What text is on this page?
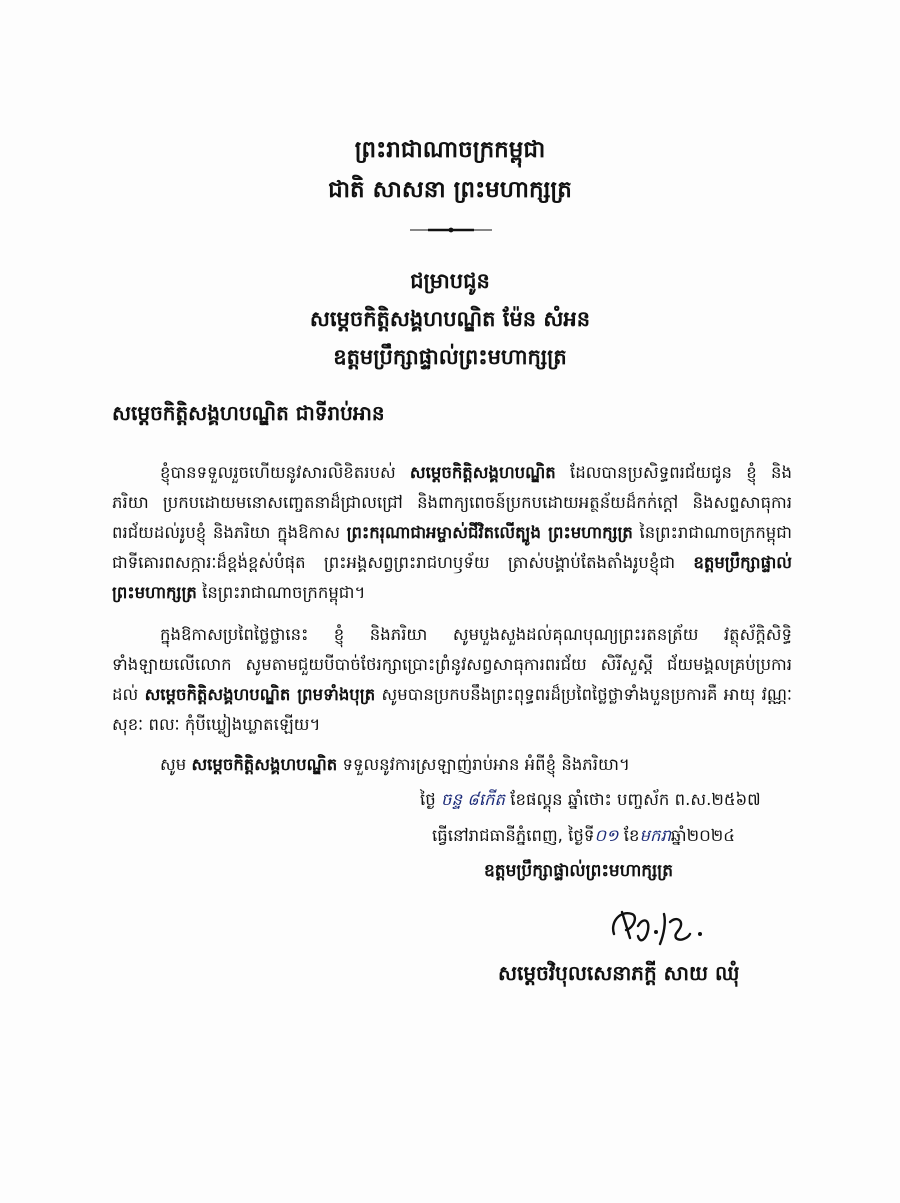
ព្រះរាជាណាចក្រកម្ពុជា
ជាតិ សាសនា ព្រះមហាក្សត្រ
ជម្រាបជូន
សម្តេចកិត្តិសង្គហបណ្ឌិត ម៉ែន សំអន
ឧត្តមប្រឹក្សាផ្ទាល់ព្រះមហាក្សត្រ
សម្តេចកិត្តិសង្គហបណ្ឌិត ជាទីរាប់អាន
ខ្ញុំបានទទួលរួចហើយនូវសារលិខិតរបស់ សម្តេចកិត្តិសង្គហបណ្ឌិត ដែលបានប្រសិទ្ធពរជ័យជូន ខ្ញុំ និងភរិយា ប្រកបដោយមនោសញ្ចេតនាដ៏ជ្រាលជ្រៅ និងពាក្យពេចន៍ប្រកបដោយអត្ថន័យដ៏កក់ក្តៅ និងសព្ទសាធុការពរជ័យដល់រូបខ្ញុំ និងភរិយា ក្នុងឱកាស ព្រះករុណាជាអម្ចាស់ជីវិតលើត្បូង ព្រះមហាក្សត្រ នៃព្រះរាជាណាចក្រកម្ពុជា ជាទីគោរពសក្ការៈដ៏ខ្ពង់ខ្ពស់បំផុត ព្រះអង្គសព្វព្រះរាជហឫទ័យ ត្រាស់បង្គាប់តែងតាំងរូបខ្ញុំជា ឧត្តមប្រឹក្សាផ្ទាល់ព្រះមហាក្សត្រ នៃព្រះរាជាណាចក្រកម្ពុជា។
ក្នុងឱកាសប្រពៃថ្លៃថ្លានេះ ខ្ញុំ និងភរិយា សូមបួងសួងដល់គុណបុណ្យព្រះរតនត្រ័យ វត្ថុស័ក្តិសិទ្ធិទាំងឡាយលើលោក សូមតាមជួយបីបាច់ថែរក្សាប្រោះព្រំនូវសព្វសាធុការពរជ័យ សិរីសួស្តី ជ័យមង្គលគ្រប់ប្រការដល់ សម្តេចកិត្តិសង្គហបណ្ឌិត ព្រមទាំងបុត្រ សូមបានប្រកបនឹងព្រះពុទ្ធពរដ៏ប្រពៃថ្លៃថ្លាទាំងបួនប្រការគឺ អាយុ វណ្ណៈ សុខៈ ពលៈ កុំបីឃ្លៀងឃ្លាតឡើយ។
សូម សម្តេចកិត្តិសង្គហបណ្ឌិត ទទួលនូវការស្រឡាញ់រាប់អាន អំពីខ្ញុំ និងភរិយា។
ថ្ងៃ ចន្ទ ៨កើត ខែផល្គុន ឆ្នាំថោះ បញ្ចស័ក ព.ស.២៥៦៧
ធ្វើនៅរាជធានីភ្នំពេញ, ថ្ងៃទី០១ ខែមករាឆ្នាំ២០២៤
ឧត្តមប្រឹក្សាផ្ទាល់ព្រះមហាក្សត្រ
សម្តេចវិបុលសេនាភក្តី សាយ ឈុំ
